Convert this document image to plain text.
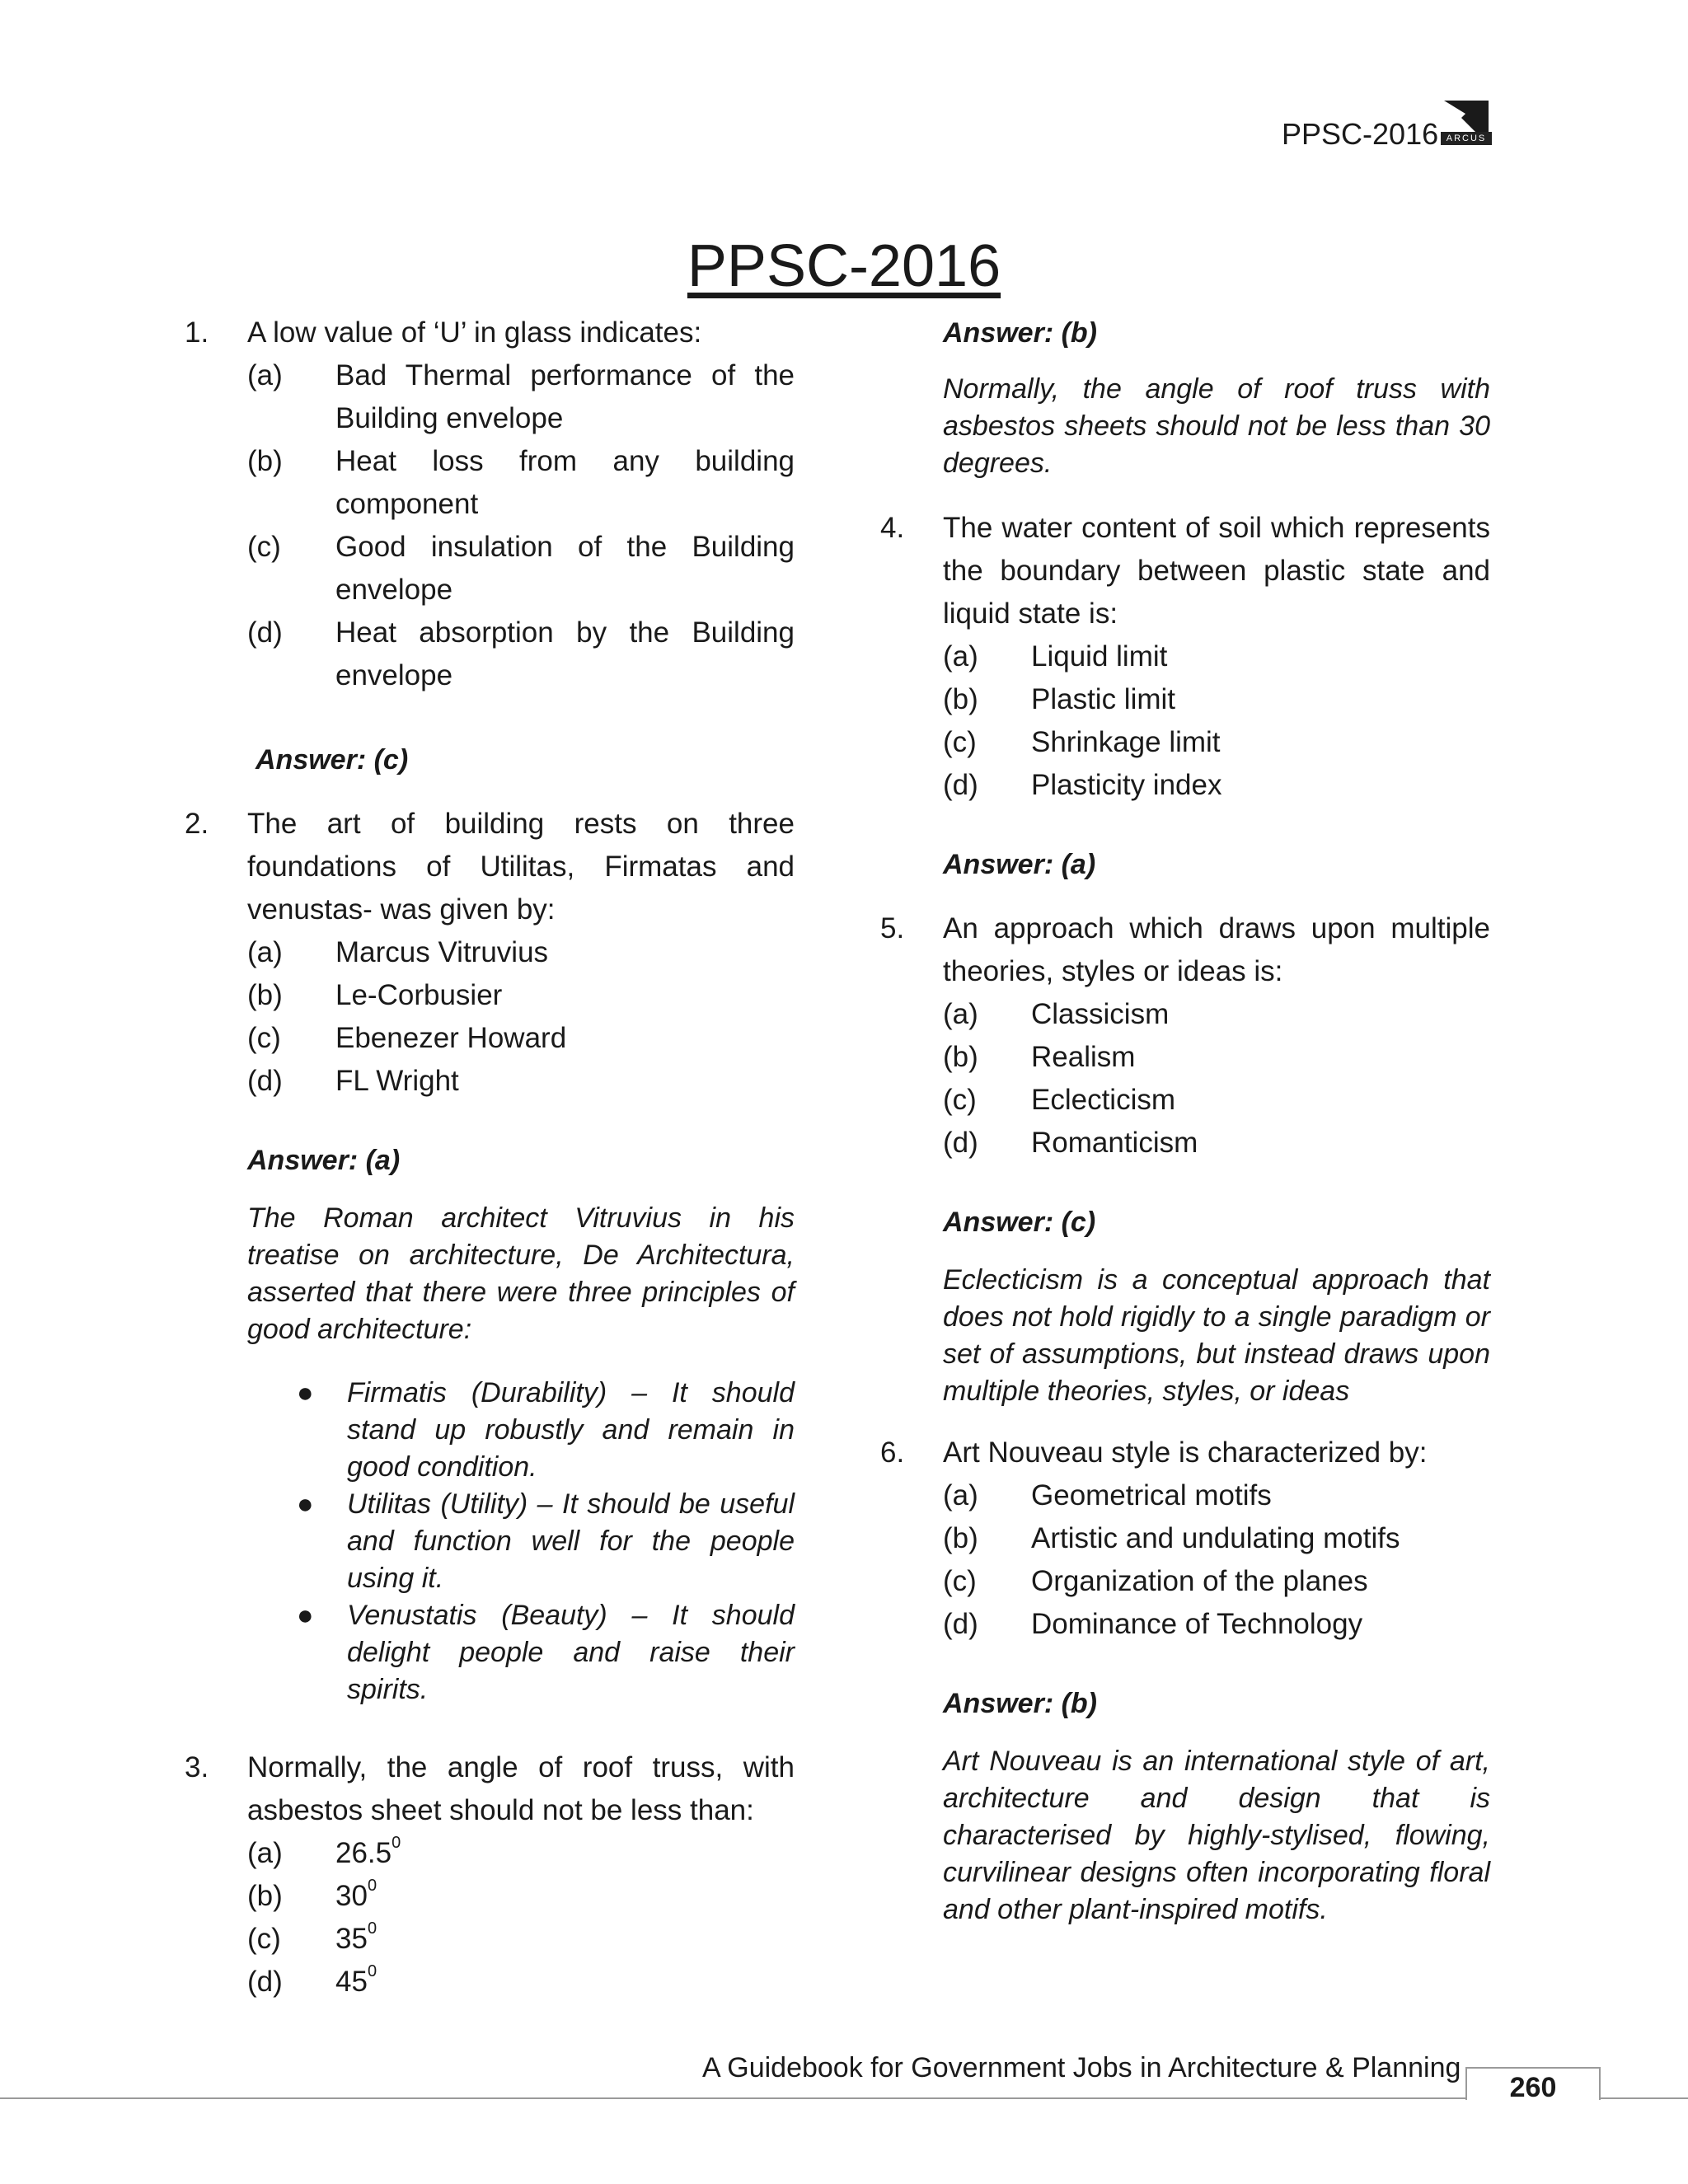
PPSC-2016 ARCUS
PPSC-2016
1. A low value of ‘U’ in glass indicates:
(a)	Bad Thermal performance of the Building envelope
(b)	Heat loss from any building component
(c)	Good insulation of the Building envelope
(d)	Heat absorption by the Building envelope
Answer: (c)
2. The art of building rests on three foundations of Utilitas, Firmatas and venustas- was given by:
(a)	Marcus Vitruvius
(b)	Le-Corbusier
(c)	Ebenezer Howard
(d)	FL Wright
Answer: (a)
The Roman architect Vitruvius in his treatise on architecture, De Architectura, asserted that there were three principles of good architecture:
● Firmatis (Durability) – It should stand up robustly and remain in good condition.
● Utilitas (Utility) – It should be useful and function well for the people using it.
● Venustatis (Beauty) – It should delight people and raise their spirits.
3. Normally, the angle of roof truss, with asbestos sheet should not be less than:
(a)	26.5$^0$
(b)	$30^0$
(c)	$35^0$
(d)	$45^0$
Answer: (b)
Normally, the angle of roof truss with asbestos sheets should not be less than 30 degrees.
4. The water content of soil which represents the boundary between plastic state and liquid state is:
(a)	Liquid limit
(b)	Plastic limit
(c)	Shrinkage limit
(d)	Plasticity index
Answer: (a)
5. An approach which draws upon multiple theories, styles or ideas is:
(a)	Classicism
(b)	Realism
(c)	Eclecticism
(d)	Romanticism
Answer: (c)
Eclecticism is a conceptual approach that does not hold rigidly to a single paradigm or set of assumptions, but instead draws upon multiple theories, styles, or ideas
6. Art Nouveau style is characterized by:
(a)	Geometrical motifs
(b)	Artistic and undulating motifs
(c)	Organization of the planes
(d)	Dominance of Technology
Answer: (b)
Art Nouveau is an international style of art, architecture and design that is characterised by highly-stylised, flowing, curvilinear designs often incorporating floral and other plant-inspired motifs.
A Guidebook for Government Jobs in Architecture & Planning
260
